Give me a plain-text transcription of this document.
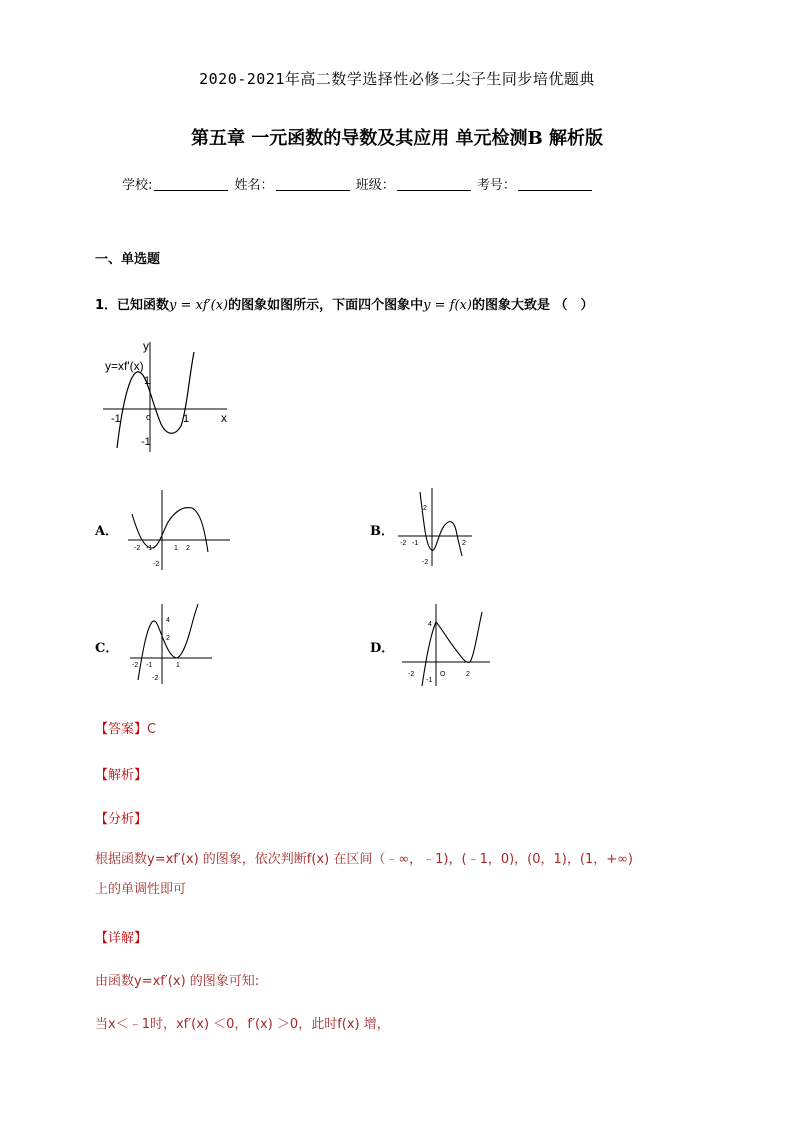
2020-2021年高二数学选择性必修二尖子生同步培优题典
第五章 一元函数的导数及其应用 单元检测B 解析版
学校:	姓名：	班级：	考号：
一、单选题
1．已知函数y = xf′(x)的图象如图所示，下面四个图象中y = f(x)的图象大致是 （　）
y
x
y=xf'(x)
1
-1	o	1
-1
A．
-2 -1	1 2
-2
B．
2
-2 -1	2
-2
C．
4
2
-2 -1	1
-2
D．
4
-2
-1
O	2
【答案】C
【解析】
【分析】
根据函数y=xf′(x) 的图象，依次判断f(x) 在区间（﹣∞，﹣1)，(﹣1，0)，(0，1)，(1，+∞)
上的单调性即可
【详解】
由函数y=xf′(x) 的图象可知:
当x＜﹣1时，xf′(x) ＜0，f′(x) ＞0，此时f(x) 增，
